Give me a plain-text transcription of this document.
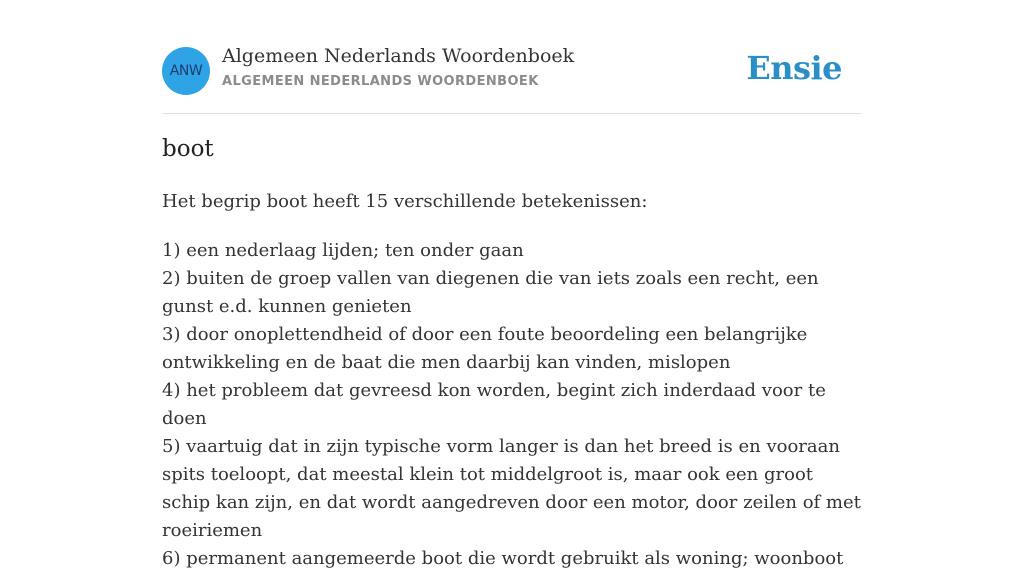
ANW
Algemeen Nederlands Woordenboek
ALGEMEEN NEDERLANDS WOORDENBOEK	Ensie
boot

Het begrip boot heeft 15 verschillende betekenissen:

1) een nederlaag lijden; ten onder gaan
2) buiten de groep vallen van diegenen die van iets zoals een recht, een gunst e.d. kunnen genieten
3) door onoplettendheid of door een foute beoordeling een belangrijke ontwikkeling en de baat die men daarbij kan vinden, mislopen
4) het probleem dat gevreesd kon worden, begint zich inderdaad voor te doen
5) vaartuig dat in zijn typische vorm langer is dan het breed is en vooraan spits toeloopt, dat meestal klein tot middelgroot is, maar ook een groot schip kan zijn, en dat wordt aangedreven door een motor, door zeilen of met roeiriemen
6) permanent aangemeerde boot die wordt gebruikt als woning; woonboot
